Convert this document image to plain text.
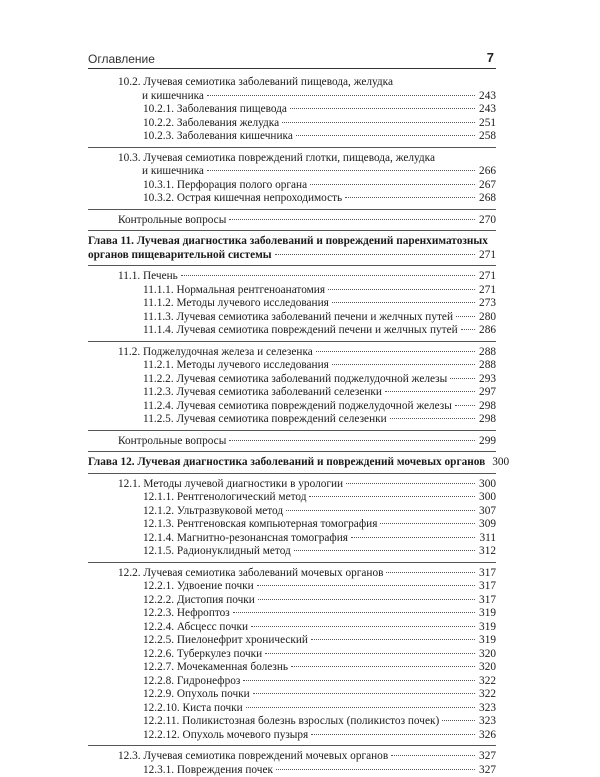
Оглавление	7
10.2. Лучевая семиотика заболеваний пищевода, желудка
и кишечника	243
10.2.1. Заболевания пищевода	243
10.2.2. Заболевания желудка	251
10.2.3. Заболевания кишечника	258
10.3. Лучевая семиотика повреждений глотки, пищевода, желудка
и кишечника	266
10.3.1. Перфорация полого органа	267
10.3.2. Острая кишечная непроходимость	268
Контрольные вопросы	270
Глава 11. Лучевая диагностика заболеваний и повреждений паренхиматозных
органов пищеварительной системы	271
11.1. Печень	271
11.1.1. Нормальная рентгеноанатомия	271
11.1.2. Методы лучевого исследования	273
11.1.3. Лучевая семиотика заболеваний печени и желчных путей 280
11.1.4. Лучевая семиотика повреждений печени и желчных путей 286
11.2. Поджелудочная железа и селезенка	288
11.2.1. Методы лучевого исследования	288
11.2.2. Лучевая семиотика заболеваний поджелудочной железы	293
11.2.3. Лучевая семиотика заболеваний селезенки	297
11.2.4. Лучевая семиотика повреждений поджелудочной железы 298
11.2.5. Лучевая семиотика повреждений селезенки	298
Контрольные вопросы	299
Глава 12. Лучевая диагностика заболеваний и повреждений мочевых органов 300
12.1. Методы лучевой диагностики в урологии	300
12.1.1. Рентгенологический метод	300
12.1.2. Ультразвуковой метод	307
12.1.3. Рентгеновская компьютерная томография	309
12.1.4. Магнитно-резонансная томография	311
12.1.5. Радионуклидный метод	312
12.2. Лучевая семиотика заболеваний мочевых органов	317
12.2.1. Удвоение почки	317
12.2.2. Дистопия почки	317
12.2.3. Нефроптоз	319
12.2.4. Абсцесс почки	319
12.2.5. Пиелонефрит хронический	319
12.2.6. Туберкулез почки	320
12.2.7. Мочекаменная болезнь	320
12.2.8. Гидронефроз	322
12.2.9. Опухоль почки	322
12.2.10. Киста почки	323
12.2.11. Поликистозная болезнь взрослых (поликистоз почек)	323
12.2.12. Опухоль мочевого пузыря	326
12.3. Лучевая семиотика повреждений мочевых органов	327
12.3.1. Повреждения почек	327
